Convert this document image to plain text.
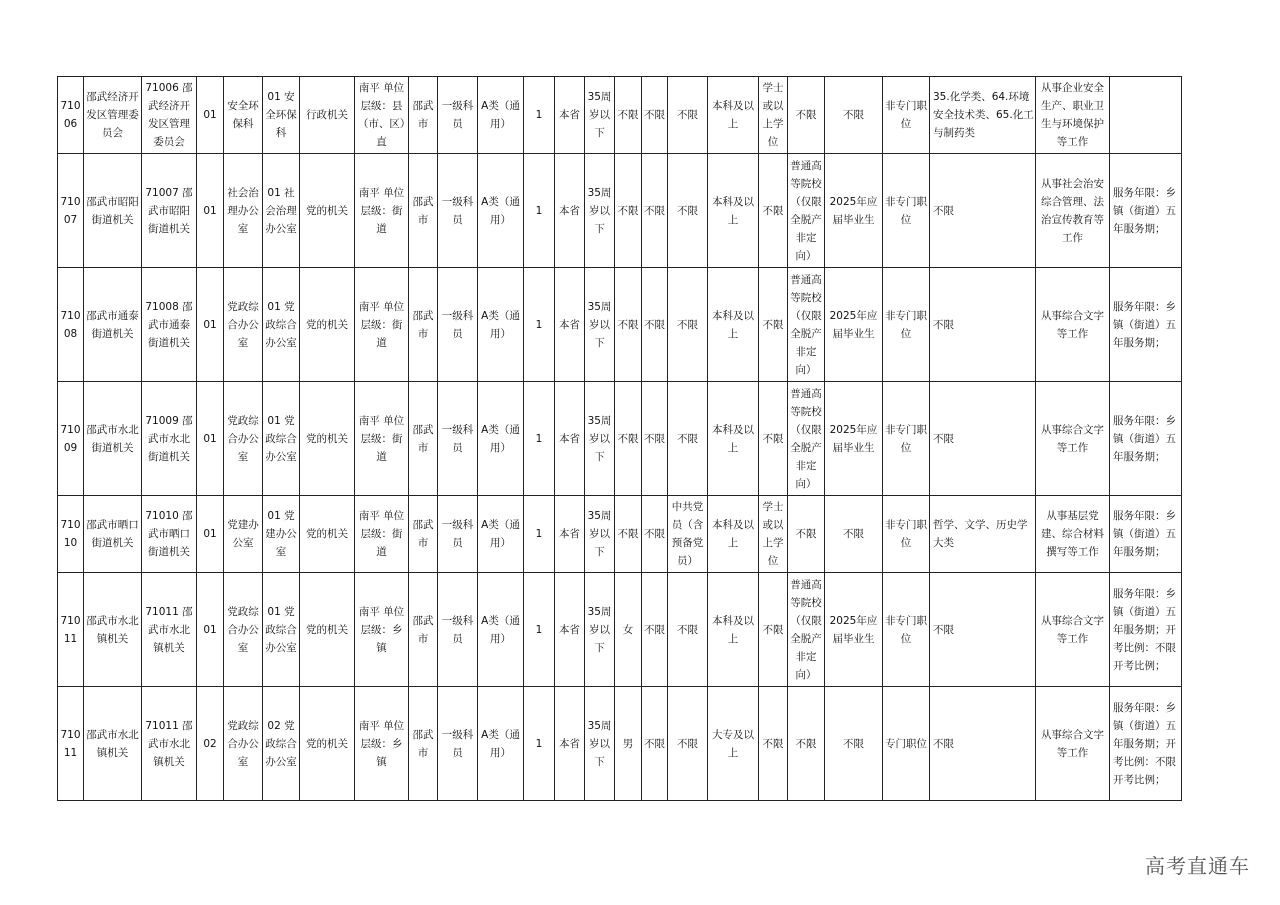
71006	邵武经济开发区管理委员会	71006 邵武经济开发区管理委员会	01	安全环保科	01 安全环保科	行政机关	南平 单位层级：县（市、区）直	邵武市	一级科员	A类（通用）	1	本省	35周岁以下	不限	不限	不限	本科及以上	学士或以上学位	不限	不限	非专门职位	35.化学类、64.环境安全技术类、65.化工与制药类	从事企业安全生产、职业卫生与环境保护等工作	
71007	邵武市昭阳街道机关	71007 邵武市昭阳街道机关	01	社会治理办公室	01 社会治理办公室	党的机关	南平 单位层级：街道	邵武市	一级科员	A类（通用）	1	本省	35周岁以下	不限	不限	不限	本科及以上	不限	普通高等院校（仅限全脱产非定向）	2025年应届毕业生	非专门职位	不限	从事社会治安综合管理、法治宣传教育等工作	服务年限：乡镇（街道）五年服务期；
71008	邵武市通泰街道机关	71008 邵武市通泰街道机关	01	党政综合办公室	01 党政综合办公室	党的机关	南平 单位层级：街道	邵武市	一级科员	A类（通用）	1	本省	35周岁以下	不限	不限	不限	本科及以上	不限	普通高等院校（仅限全脱产非定向）	2025年应届毕业生	非专门职位	不限	从事综合文字等工作	服务年限：乡镇（街道）五年服务期；
71009	邵武市水北街道机关	71009 邵武市水北街道机关	01	党政综合办公室	01 党政综合办公室	党的机关	南平 单位层级：街道	邵武市	一级科员	A类（通用）	1	本省	35周岁以下	不限	不限	不限	本科及以上	不限	普通高等院校（仅限全脱产非定向）	2025年应届毕业生	非专门职位	不限	从事综合文字等工作	服务年限：乡镇（街道）五年服务期；
71010	邵武市晒口街道机关	71010 邵武市晒口街道机关	01	党建办公室	01 党建办公室	党的机关	南平 单位层级：街道	邵武市	一级科员	A类（通用）	1	本省	35周岁以下	不限	不限	中共党员（含预备党员）	本科及以上	学士或以上学位	不限	不限	非专门职位	哲学、文学、历史学大类	从事基层党建、综合材料撰写等工作	服务年限：乡镇（街道）五年服务期；
71011	邵武市水北镇机关	71011 邵武市水北镇机关	01	党政综合办公室	01 党政综合办公室	党的机关	南平 单位层级：乡镇	邵武市	一级科员	A类（通用）	1	本省	35周岁以下	女	不限	不限	本科及以上	不限	普通高等院校（仅限全脱产非定向）	2025年应届毕业生	非专门职位	不限	从事综合文字等工作	服务年限：乡镇（街道）五年服务期；开考比例：不限开考比例；
71011	邵武市水北镇机关	71011 邵武市水北镇机关	02	党政综合办公室	02 党政综合办公室	党的机关	南平 单位层级：乡镇	邵武市	一级科员	A类（通用）	1	本省	35周岁以下	男	不限	不限	大专及以上	不限	不限	不限	专门职位	不限	从事综合文字等工作	服务年限：乡镇（街道）五年服务期；开考比例：不限开考比例；
高考直通车
